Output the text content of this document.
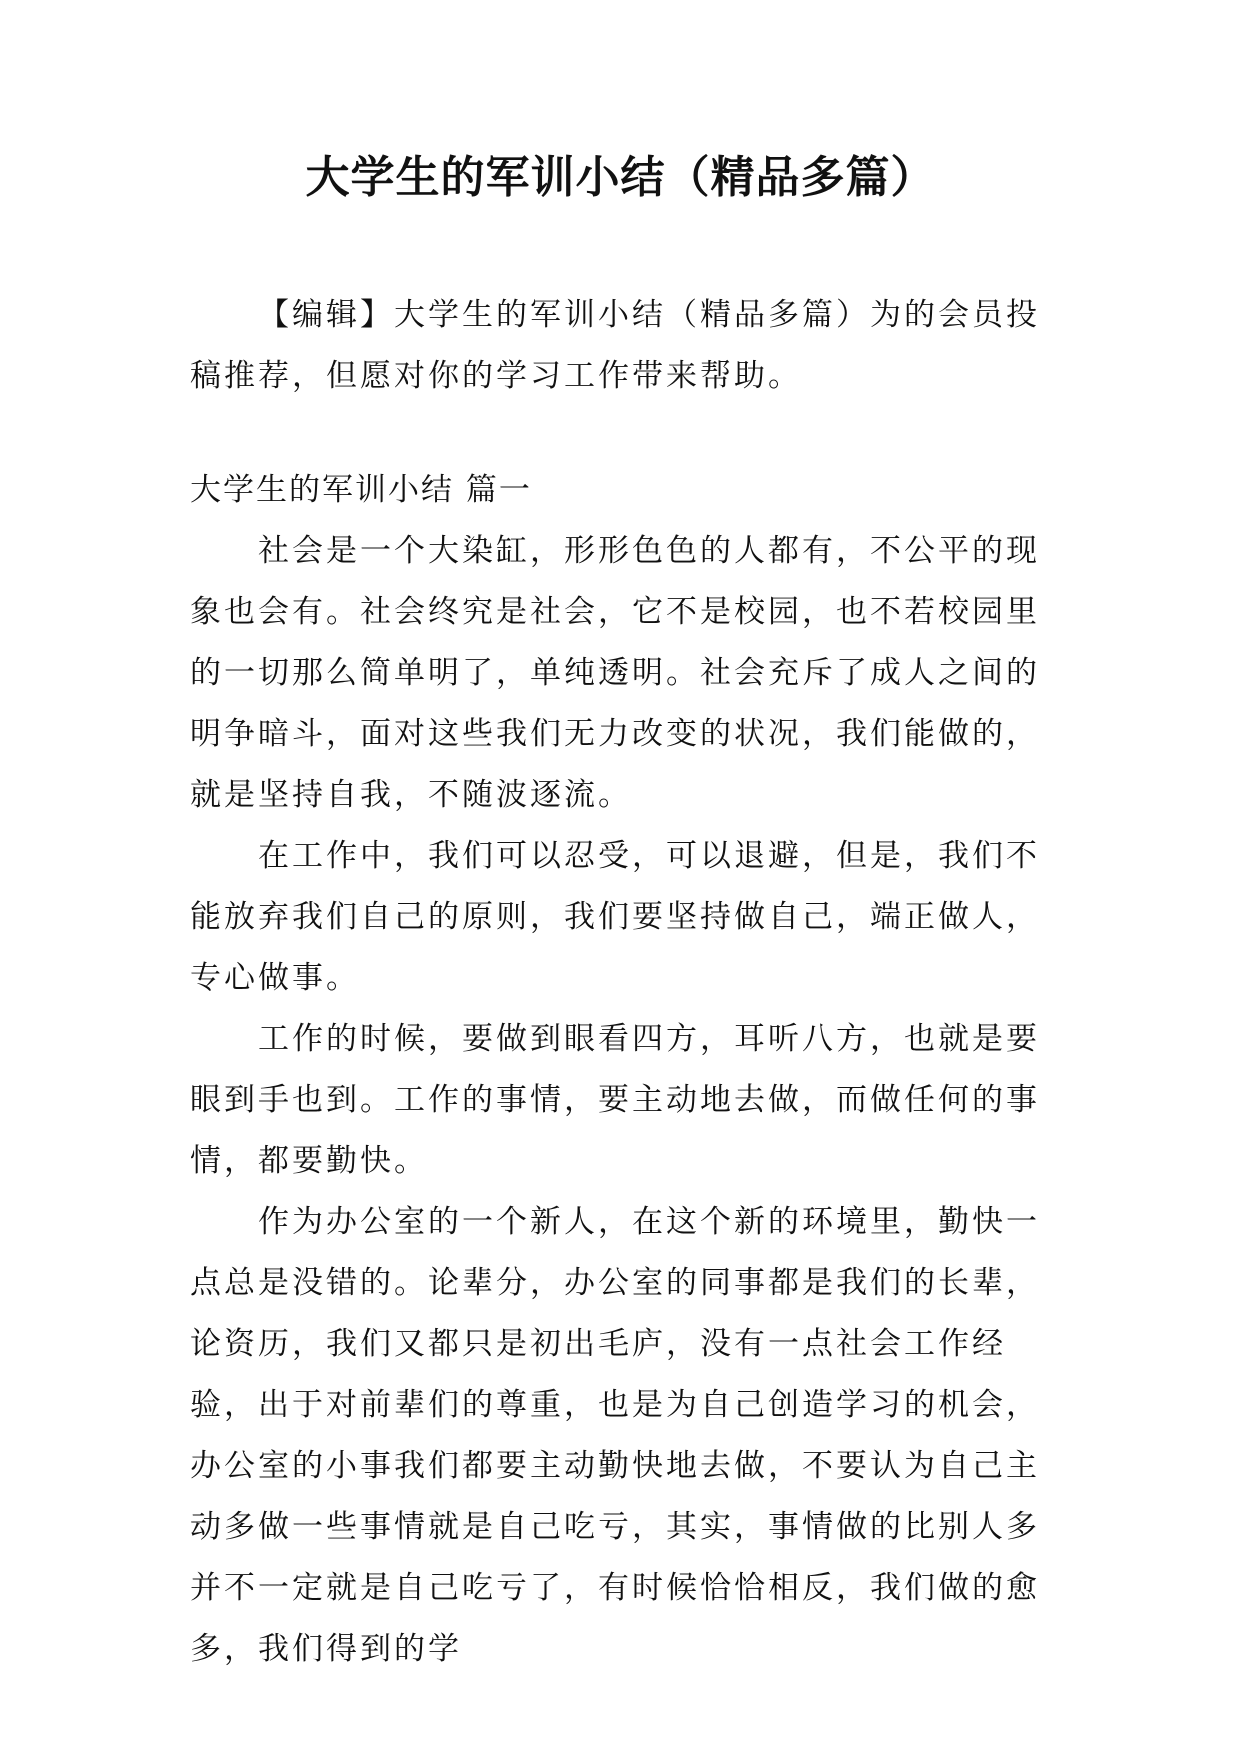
大学生的军训小结（精品多篇）

【编辑】大学生的军训小结（精品多篇）为的会员投稿推荐，但愿对你的学习工作带来帮助。

大学生的军训小结 篇一

社会是一个大染缸，形形色色的人都有，不公平的现象也会有。社会终究是社会，它不是校园，也不若校园里的一切那么简单明了，单纯透明。社会充斥了成人之间的明争暗斗，面对这些我们无力改变的状况，我们能做的，就是坚持自我，不随波逐流。

在工作中，我们可以忍受，可以退避，但是，我们不能放弃我们自己的原则，我们要坚持做自己，端正做人，专心做事。

工作的时候，要做到眼看四方，耳听八方，也就是要眼到手也到。工作的事情，要主动地去做，而做任何的事情，都要勤快。

作为办公室的一个新人，在这个新的环境里，勤快一点总是没错的。论辈分，办公室的同事都是我们的长辈，论资历，我们又都只是初出毛庐，没有一点社会工作经验，出于对前辈们的尊重，也是为自己创造学习的机会，办公室的小事我们都要主动勤快地去做，不要认为自己主动多做一些事情就是自己吃亏，其实，事情做的比别人多并不一定就是自己吃亏了，有时候恰恰相反，我们做的愈多，我们得到的学
